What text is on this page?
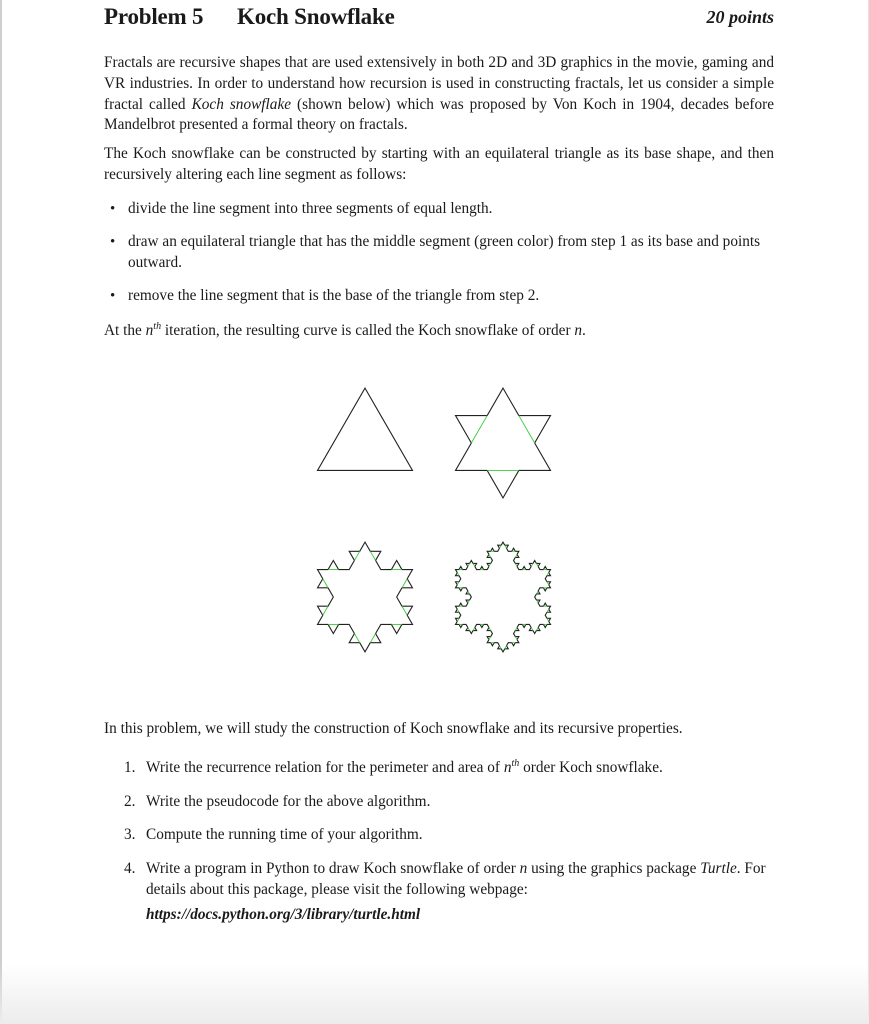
Problem 5 Koch Snowflake	20 points

Fractals are recursive shapes that are used extensively in both 2D and 3D graphics in the movie, gaming and VR industries. In order to understand how recursion is used in constructing fractals, let us consider a simple fractal called Koch snowflake (shown below) which was proposed by Von Koch in 1904, decades before Mandelbrot presented a formal theory on fractals.

The Koch snowflake can be constructed by starting with an equilateral triangle as its base shape, and then recursively altering each line segment as follows:

• divide the line segment into three segments of equal length.
• draw an equilateral triangle that has the middle segment (green color) from step 1 as its base and points outward.
• remove the line segment that is the base of the triangle from step 2.

At the $n^{th}$ iteration, the resulting curve is called the Koch snowflake of order n.

In this problem, we will study the construction of Koch snowflake and its recursive properties.

1. Write the recurrence relation for the perimeter and area of $n^{th}$ order Koch snowflake.
2. Write the pseudocode for the above algorithm.
3. Compute the running time of your algorithm.
4. Write a program in Python to draw Koch snowflake of order n using the graphics package Turtle. For details about this package, please visit the following webpage:
https://docs.python.org/3/library/turtle.html
